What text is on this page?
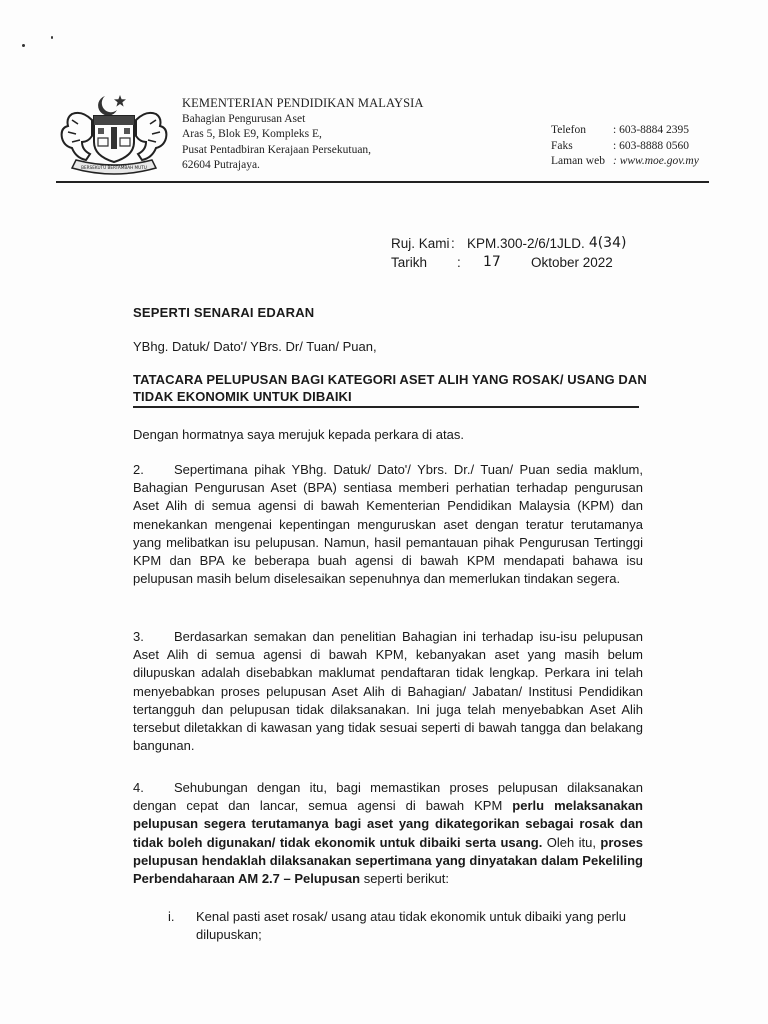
BERSEKUTU BERTAMBAH MUTU
KEMENTERIAN PENDIDIKAN MALAYSIA
Bahagian Pengurusan Aset
Aras 5, Blok E9, Kompleks E,
Pusat Pentadbiran Kerajaan Persekutuan,
62604 Putrajaya.
Telefon	: 603-8884 2395
Faks	: 603-8888 0560
Laman web : www.moe.gov.my
Ruj. Kami : KPM.300-2/6/1JLD. 4(34)
Tarikh	:	17	Oktober 2022
SEPERTI SENARAI EDARAN
YBhg. Datuk/ Dato'/ YBrs. Dr/ Tuan/ Puan,
TATACARA PELUPUSAN BAGI KATEGORI ASET ALIH YANG ROSAK/ USANG DAN TIDAK EKONOMIK UNTUK DIBAIKI
Dengan hormatnya saya merujuk kepada perkara di atas.
2. Sepertimana pihak YBhg. Datuk/ Dato'/ Ybrs. Dr./ Tuan/ Puan sedia maklum, Bahagian Pengurusan Aset (BPA) sentiasa memberi perhatian terhadap pengurusan Aset Alih di semua agensi di bawah Kementerian Pendidikan Malaysia (KPM) dan menekankan mengenai kepentingan menguruskan aset dengan teratur terutamanya yang melibatkan isu pelupusan. Namun, hasil pemantauan pihak Pengurusan Tertinggi KPM dan BPA ke beberapa buah agensi di bawah KPM mendapati bahawa isu pelupusan masih belum diselesaikan sepenuhnya dan memerlukan tindakan segera.
3. Berdasarkan semakan dan penelitian Bahagian ini terhadap isu-isu pelupusan Aset Alih di semua agensi di bawah KPM, kebanyakan aset yang masih belum dilupuskan adalah disebabkan maklumat pendaftaran tidak lengkap. Perkara ini telah menyebabkan proses pelupusan Aset Alih di Bahagian/ Jabatan/ Institusi Pendidikan tertangguh dan pelupusan tidak dilaksanakan. Ini juga telah menyebabkan Aset Alih tersebut diletakkan di kawasan yang tidak sesuai seperti di bawah tangga dan belakang bangunan.
4. Sehubungan dengan itu, bagi memastikan proses pelupusan dilaksanakan dengan cepat dan lancar, semua agensi di bawah KPM perlu melaksanakan pelupusan segera terutamanya bagi aset yang dikategorikan sebagai rosak dan tidak boleh digunakan/ tidak ekonomik untuk dibaiki serta usang. Oleh itu, proses pelupusan hendaklah dilaksanakan sepertimana yang dinyatakan dalam Pekeliling Perbendaharaan AM 2.7 – Pelupusan seperti berikut:
i.	Kenal pasti aset rosak/ usang atau tidak ekonomik untuk dibaiki yang perlu dilupuskan;
